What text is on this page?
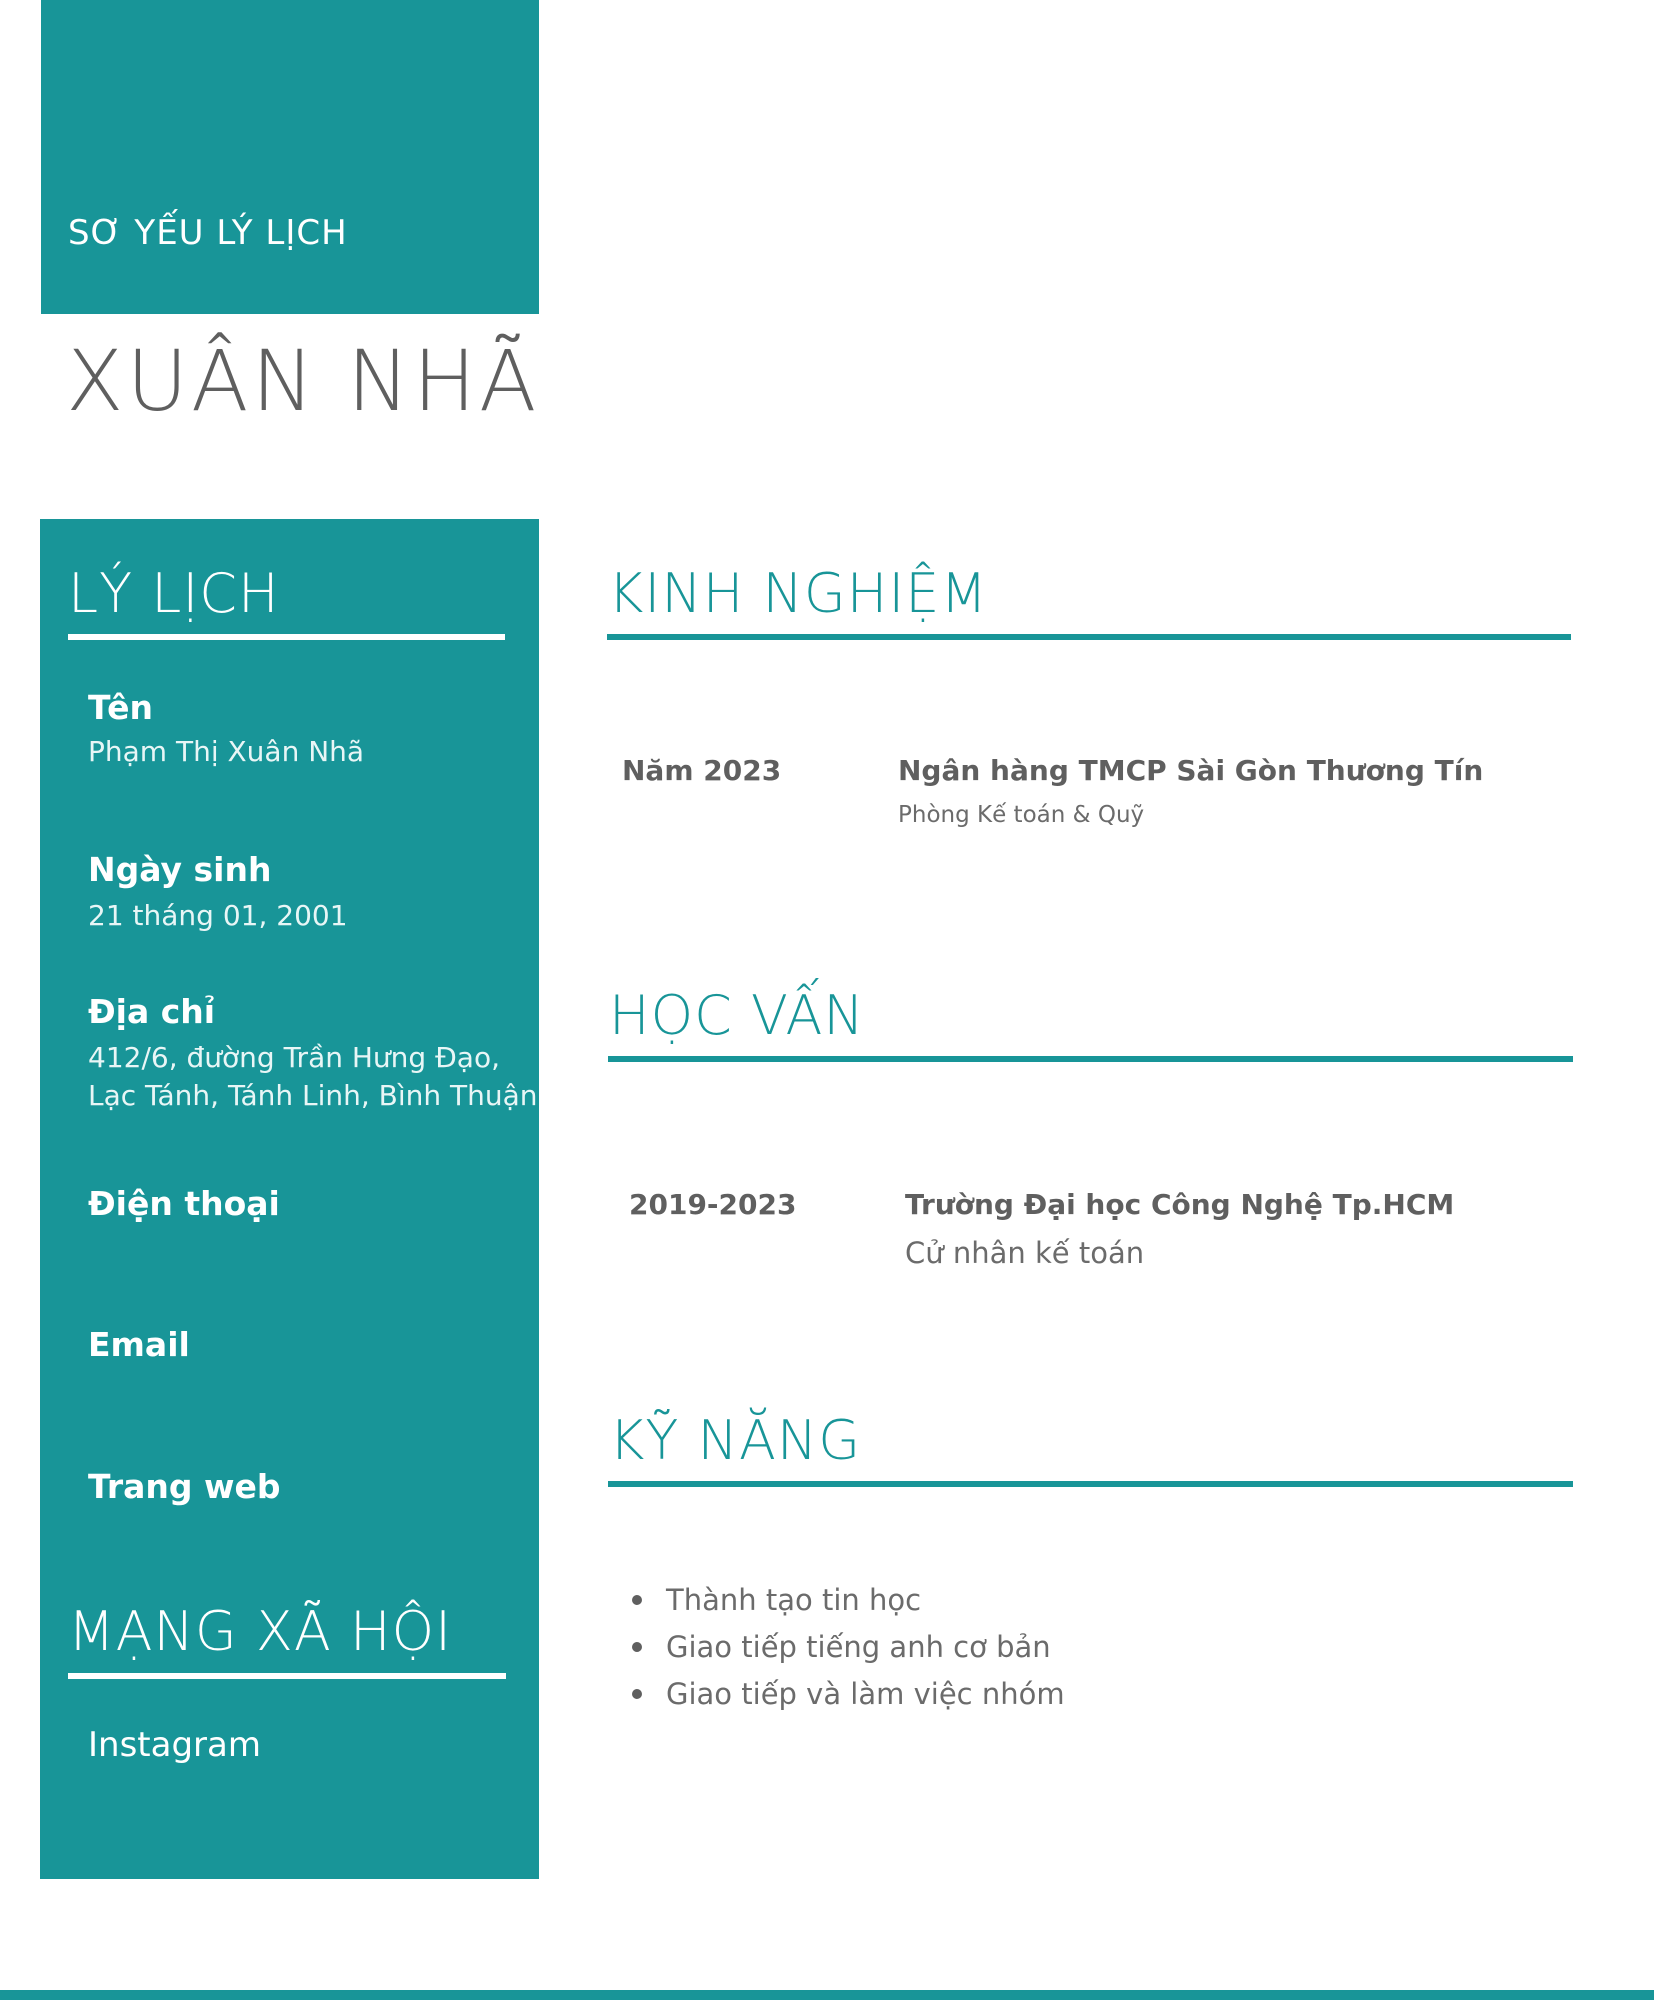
SƠ YẾU LÝ LỊCH
XUÂN NHÃ
LÝ LỊCH
Tên
Phạm Thị Xuân Nhã
Ngày sinh
21 tháng 01, 2001
Địa chỉ
412/6, đường Trần Hưng Đạo,
Lạc Tánh, Tánh Linh, Bình Thuận
Điện thoại
Email
Trang web
MẠNG XÃ HỘI
Instagram
KINH NGHIỆM
Năm 2023	Ngân hàng TMCP Sài Gòn Thương Tín
Phòng Kế toán & Quỹ
HỌC VẤN
2019-2023	Trường Đại học Công Nghệ Tp.HCM
Cử nhân kế toán
KỸ NĂNG
Thành tạo tin học
Giao tiếp tiếng anh cơ bản
Giao tiếp và làm việc nhóm
